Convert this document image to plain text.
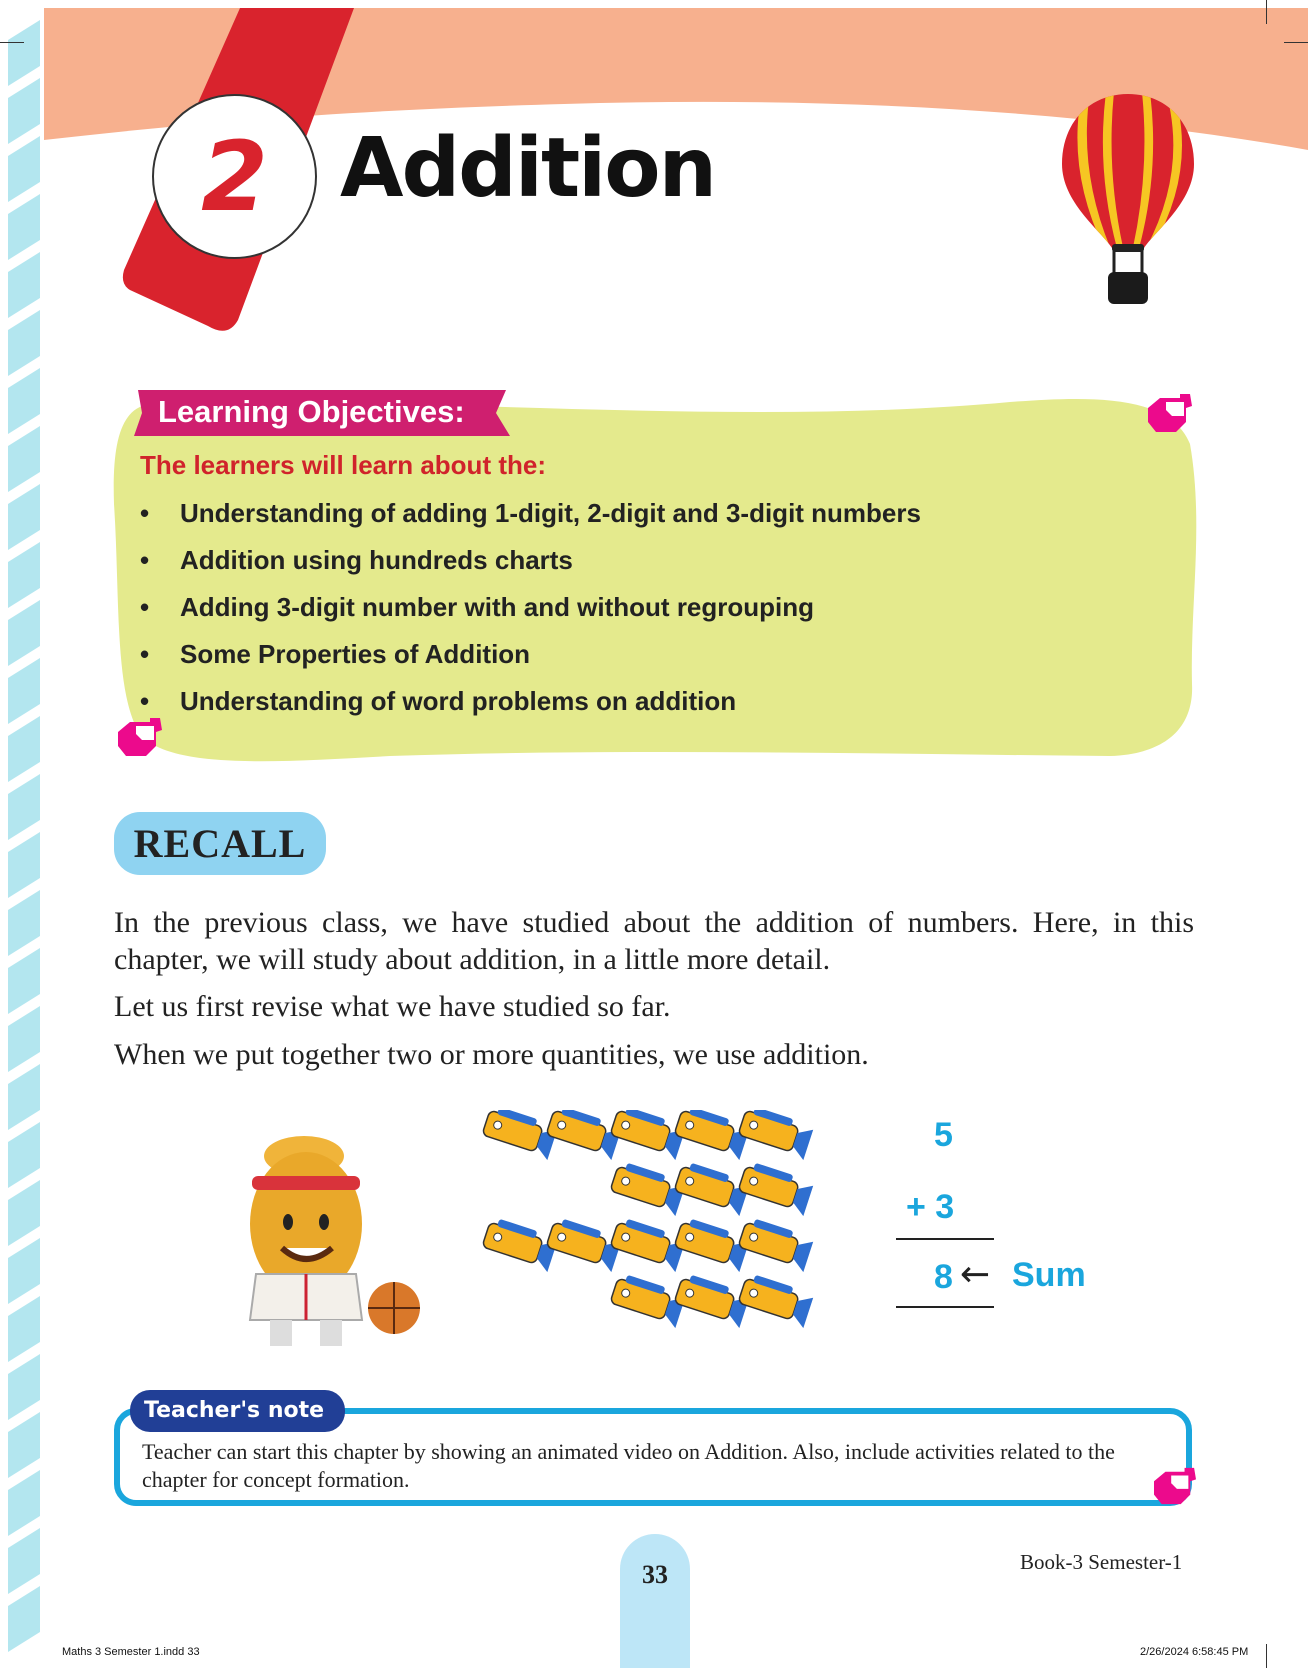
2 Addition
Learning Objectives:
The learners will learn about the:
• Understanding of adding 1-digit, 2-digit and 3-digit numbers
• Addition using hundreds charts
• Adding 3-digit number with and without regrouping
• Some Properties of Addition
• Understanding of word problems on addition
RECALL

In the previous class, we have studied about the addition of numbers. Here, in this chapter, we will study about addition, in a little more detail.

Let us first revise what we have studied so far.

When we put together two or more quantities, we use addition.

5
+ 3
8 ← Sum
Teacher's note

Teacher can start this chapter by showing an animated video on Addition. Also, include activities related to the chapter for concept formation.

33	Book-3 Semester-1
Maths 3 Semester 1.indd 33	2/26/2024 6:58:45 PM
